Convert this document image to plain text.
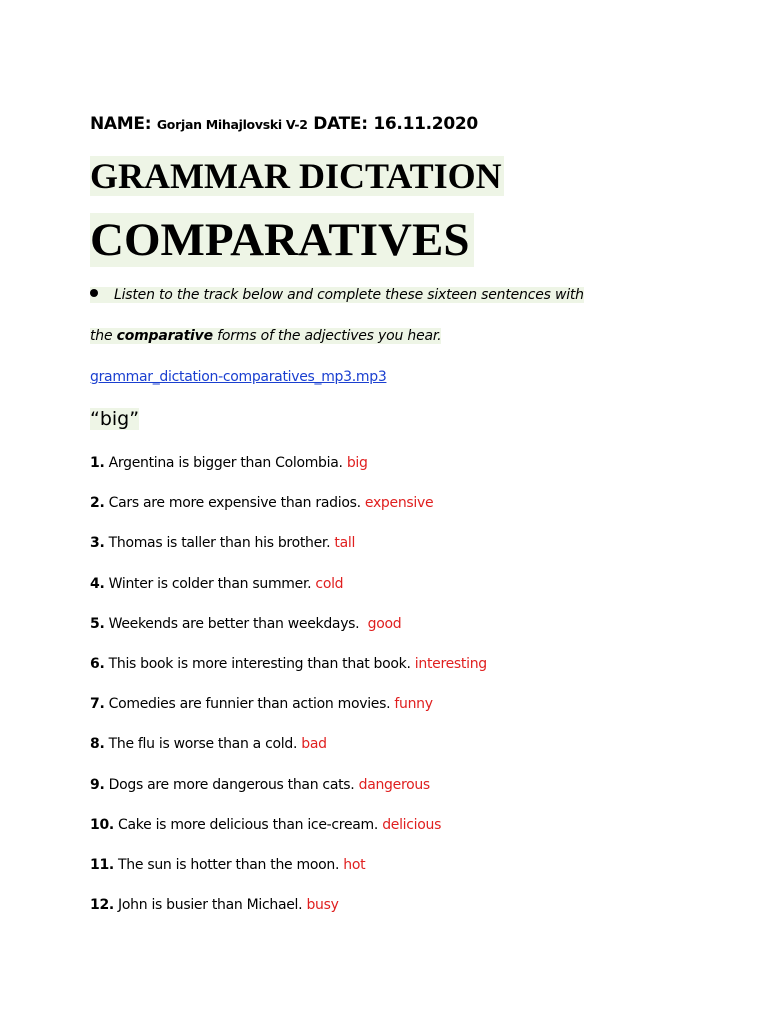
NAME: Gorjan Mihajlovski V-2 DATE: 16.11.2020
GRAMMAR DICTATION
COMPARATIVES
Listen to the track below and complete these sixteen sentences with
the comparative forms of the adjectives you hear.
grammar_dictation-comparatives_mp3.mp3
“big”
1. Argentina is bigger than Colombia. big
2. Cars are more expensive than radios. expensive
3. Thomas is taller than his brother. tall
4. Winter is colder than summer. cold
5. Weekends are better than weekdays.  good
6. This book is more interesting than that book. interesting
7. Comedies are funnier than action movies. funny
8. The flu is worse than a cold. bad
9. Dogs are more dangerous than cats. dangerous
10. Cake is more delicious than ice-cream. delicious
11. The sun is hotter than the moon. hot
12. John is busier than Michael. busy
